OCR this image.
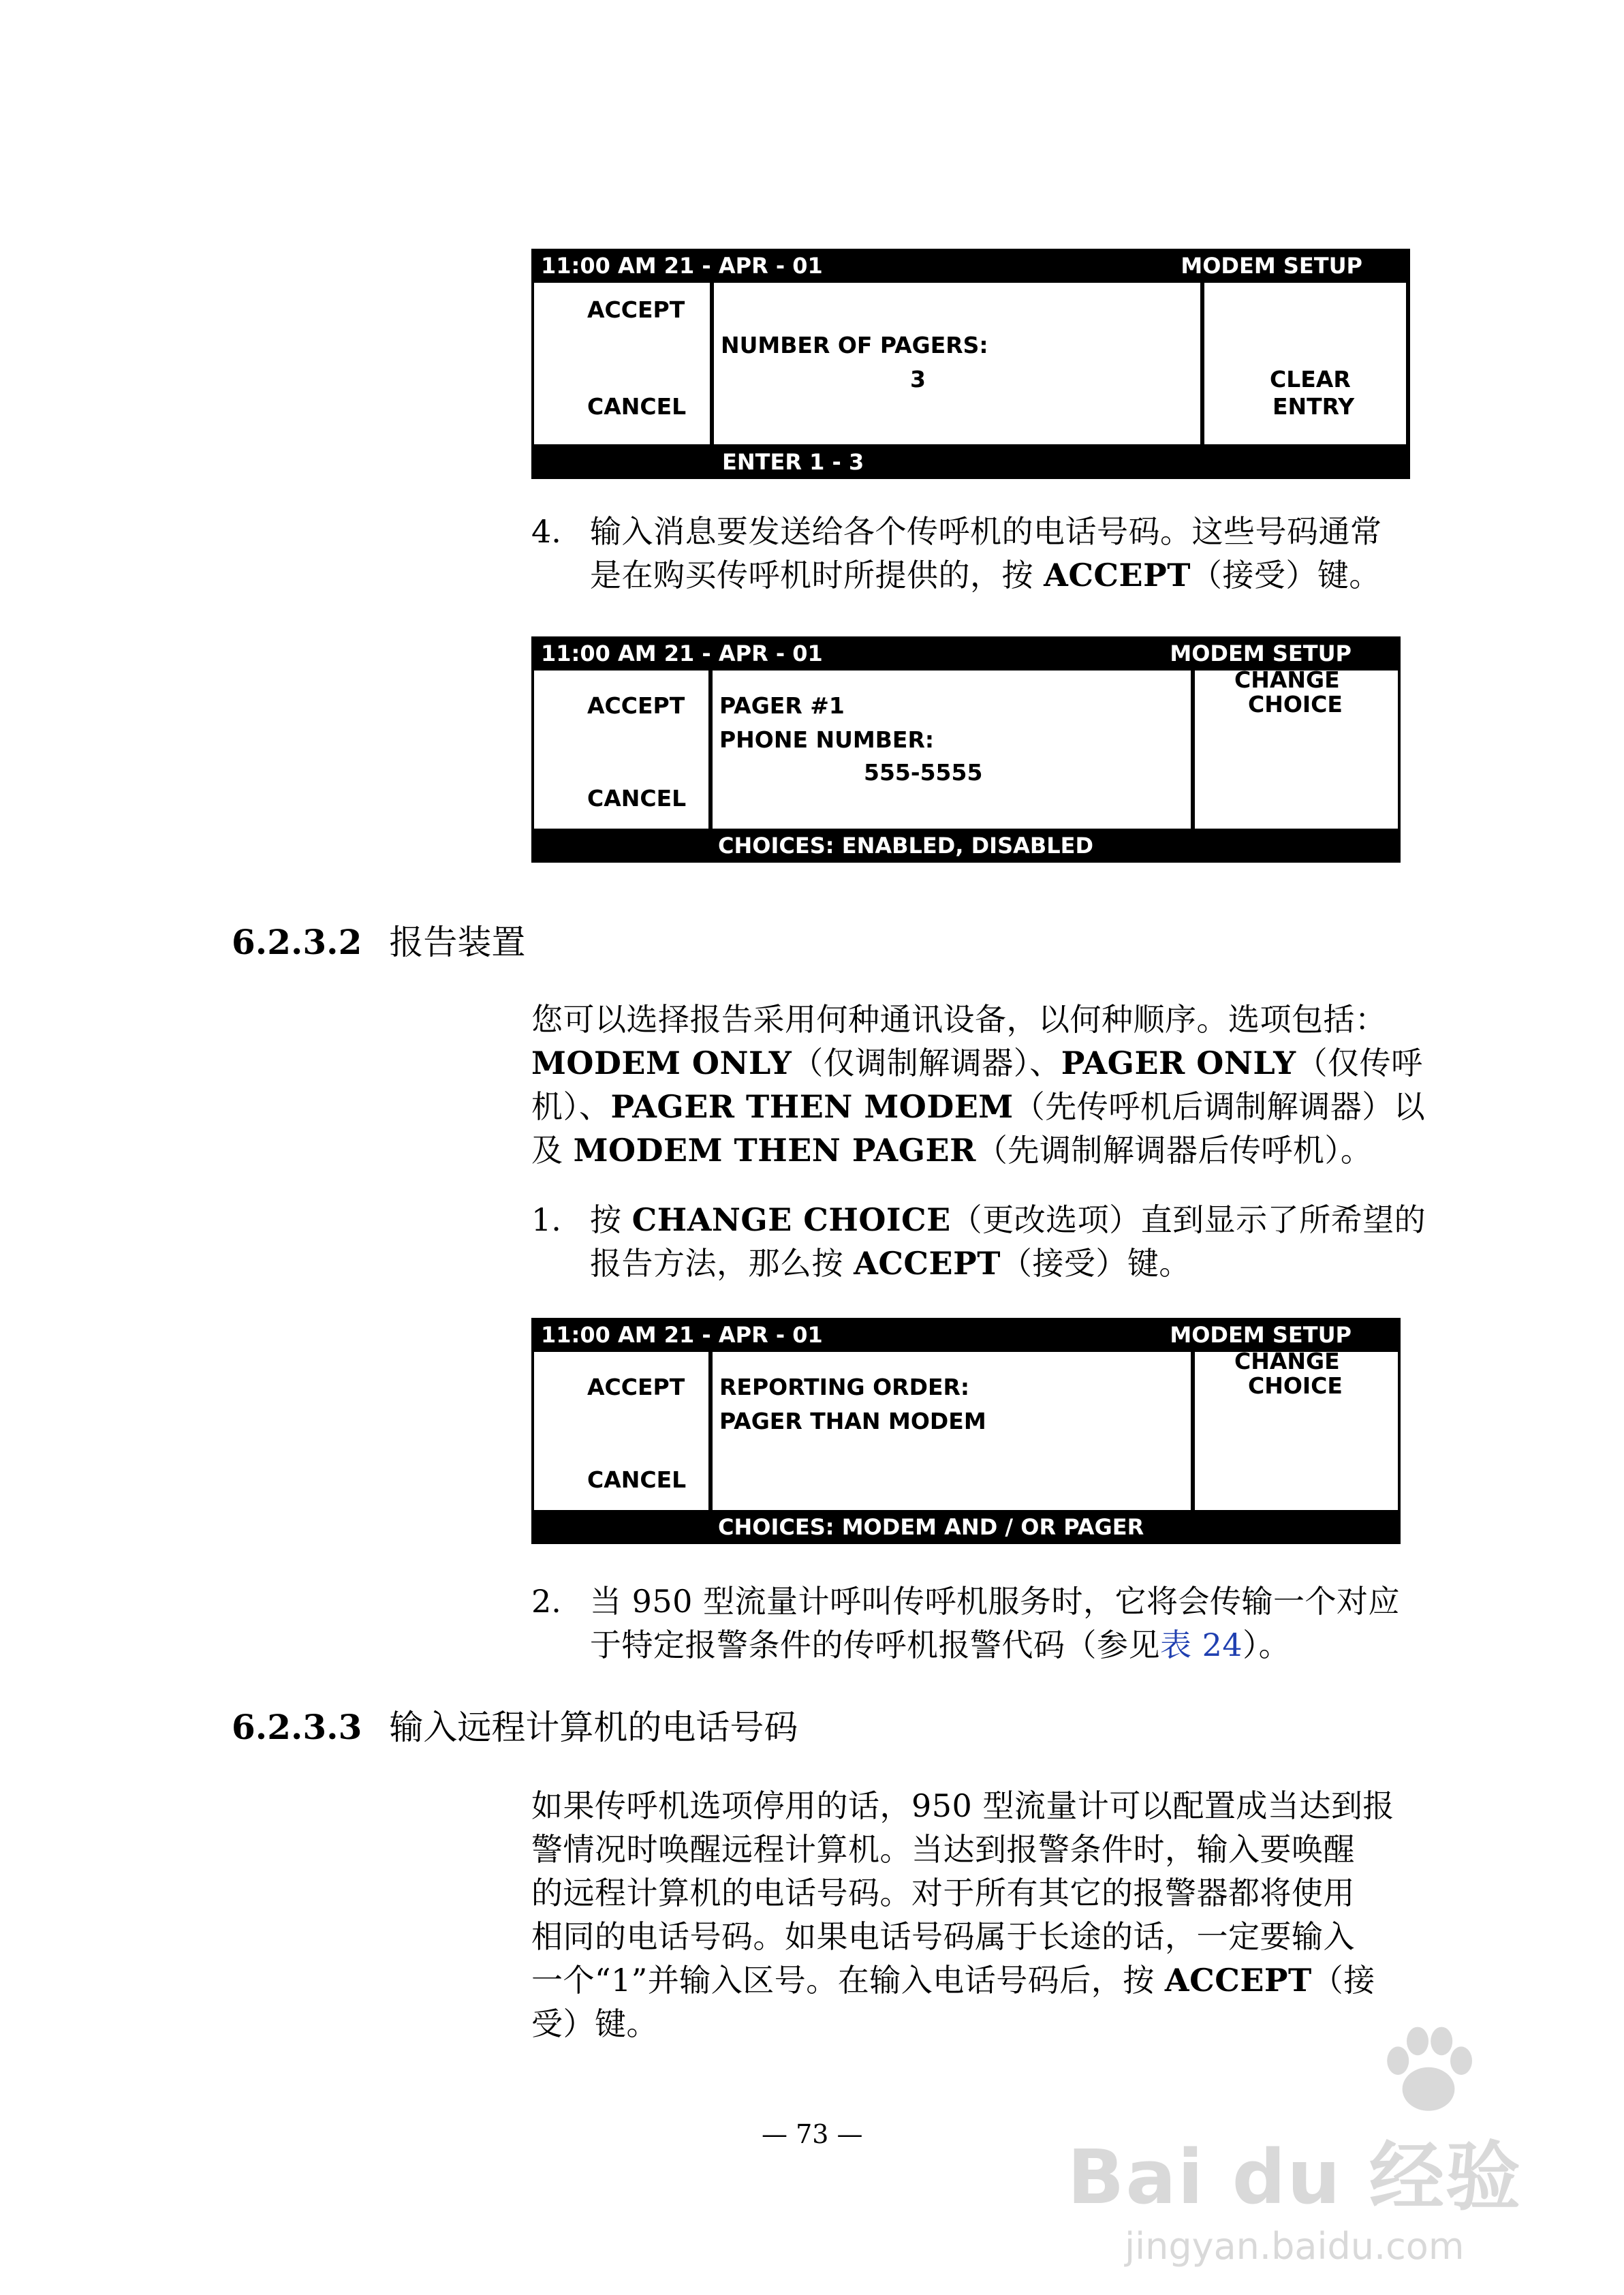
11:00 AM 21 - APR - 01	MODEM SETUP
ACCEPT
CANCEL
NUMBER OF PAGERS:
3	CLEAR
ENTRY
ENTER 1 - 3
4. 输入消息要发送给各个传呼机的电话号码。这些号码通常
是在购买传呼机时所提供的，按 ACCEPT（接受）键。
11:00 AM 21 - APR - 01	MODEM SETUP
ACCEPT
CANCEL
PAGER #1
PHONE NUMBER:
555-5555
CHANGE
CHOICE
CHOICES: ENABLED, DISABLED
6.2.3.2 报告装置
您可以选择报告采用何种通讯设备，以何种顺序。选项包括：
MODEM ONLY（仅调制解调器）、PAGER ONLY（仅传呼
机）、PAGER THEN MODEM（先传呼机后调制解调器）以
及 MODEM THEN PAGER（先调制解调器后传呼机）。
1. 按 CHANGE CHOICE（更改选项）直到显示了所希望的
报告方法，那么按 ACCEPT（接受）键。
11:00 AM 21 - APR - 01	MODEM SETUP
ACCEPT
CANCEL
REPORTING ORDER:
PAGER THAN MODEM
CHANGE
CHOICE
CHOICES: MODEM AND / OR PAGER
2. 当 950 型流量计呼叫传呼机服务时，它将会传输一个对应
于特定报警条件的传呼机报警代码（参见表 24）。
6.2.3.3 输入远程计算机的电话号码
如果传呼机选项停用的话，950 型流量计可以配置成当达到报
警情况时唤醒远程计算机。当达到报警条件时，输入要唤醒
的远程计算机的电话号码。对于所有其它的报警器都将使用
相同的电话号码。如果电话号码属于长途的话，一定要输入
一个“1”并输入区号。在输入电话号码后，按 ACCEPT（接
受）键。
— 73 —	Bai du 经验
jingyan.baidu.com
